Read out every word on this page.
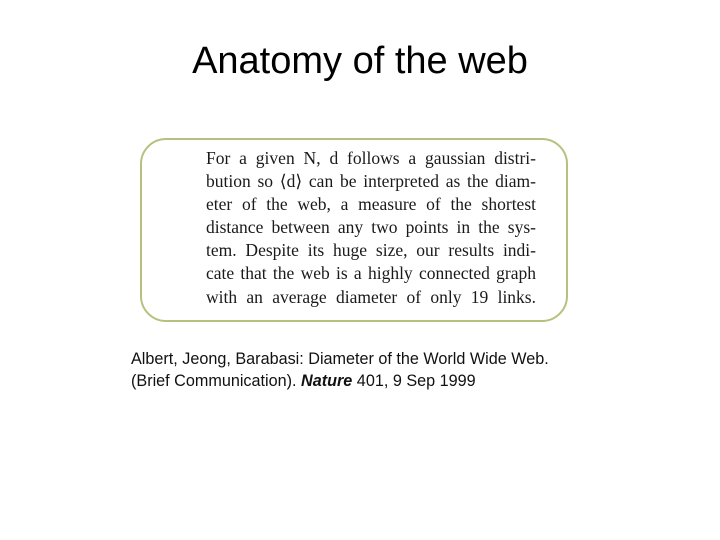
Anatomy of the web
For a given N, d follows a gaussian distri-
bution so ⟨d⟩ can be interpreted as the diam-
eter of the web, a measure of the shortest
distance between any two points in the sys-
tem. Despite its huge size, our results indi-
cate that the web is a highly connected graph
with an average diameter of only 19 links.
Albert, Jeong, Barabasi: Diameter of the World Wide Web.
(Brief Communication). Nature 401, 9 Sep 1999
